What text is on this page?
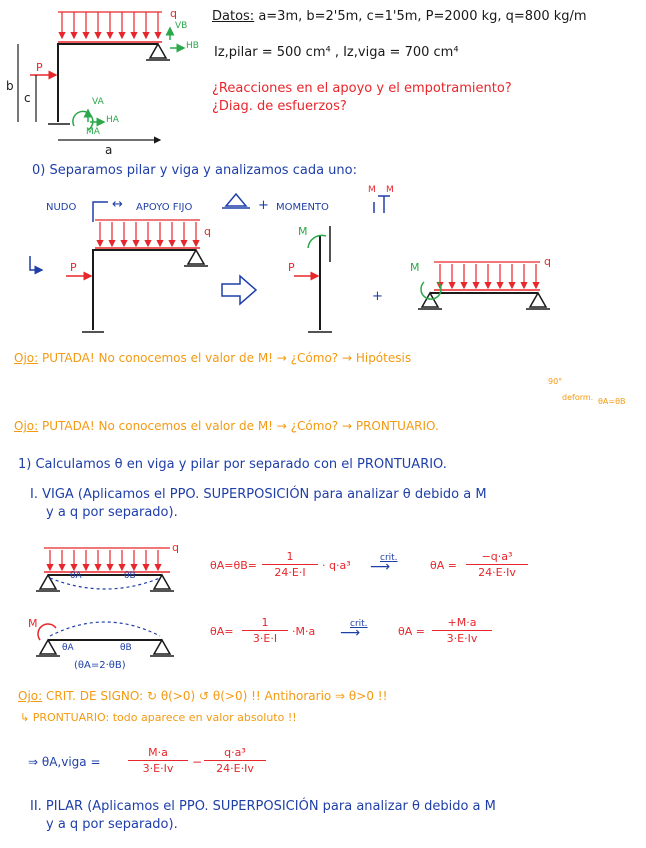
Datos: a=3m, b=2'5m, c=1'5m, P=2000 kg, q=800 kg/m
Iz,pilar = 500 cm⁴ , Iz,viga = 700 cm⁴
¿Reacciones en el apoyo y el empotramiento?
¿Diag. de esfuerzos?
q
P
b
c
a
VB
HB
VA
HA
MA
0) Separamos pilar y viga y analizamos cada uno:
NUDO	↔ APOYO FIJO	+ MOMENTO
M M
q
P	P
M
+
M	q
Ojo: PUTADA! No conocemos el valor de M! → ¿Cómo? → Hipótesis
90°
deform. θA=θB
Ojo: PUTADA! No conocemos el valor de M! → ¿Cómo? → PRONTUARIO.
1) Calculamos θ en viga y pilar por separado con el PRONTUARIO.
I. VIGA (Aplicamos el PPO. SUPERPOSICIÓN para analizar θ debido a M
y a q por separado).
q
θA	θB
θA=θB=
1
24·E·I
· q·a³
crit.
⟶	θA =
−q·a³
24·E·Iv
M
θA	θB
(θA=2·θB)
θA=
1
3·E·I
·M·a
crit.
⟶	θA =
+M·a
3·E·Iv
Ojo: CRIT. DE SIGNO: ↻ θ(>0) ↺ θ(>0) !! Antihorario ⇒ θ>0 !!
↳ PRONTUARIO: todo aparece en valor absoluto !!
⇒ θA,viga =
M·a
3·E·Iv	−
q·a³
24·E·Iv
II. PILAR (Aplicamos el PPO. SUPERPOSICIÓN para analizar θ debido a M
y a q por separado).
